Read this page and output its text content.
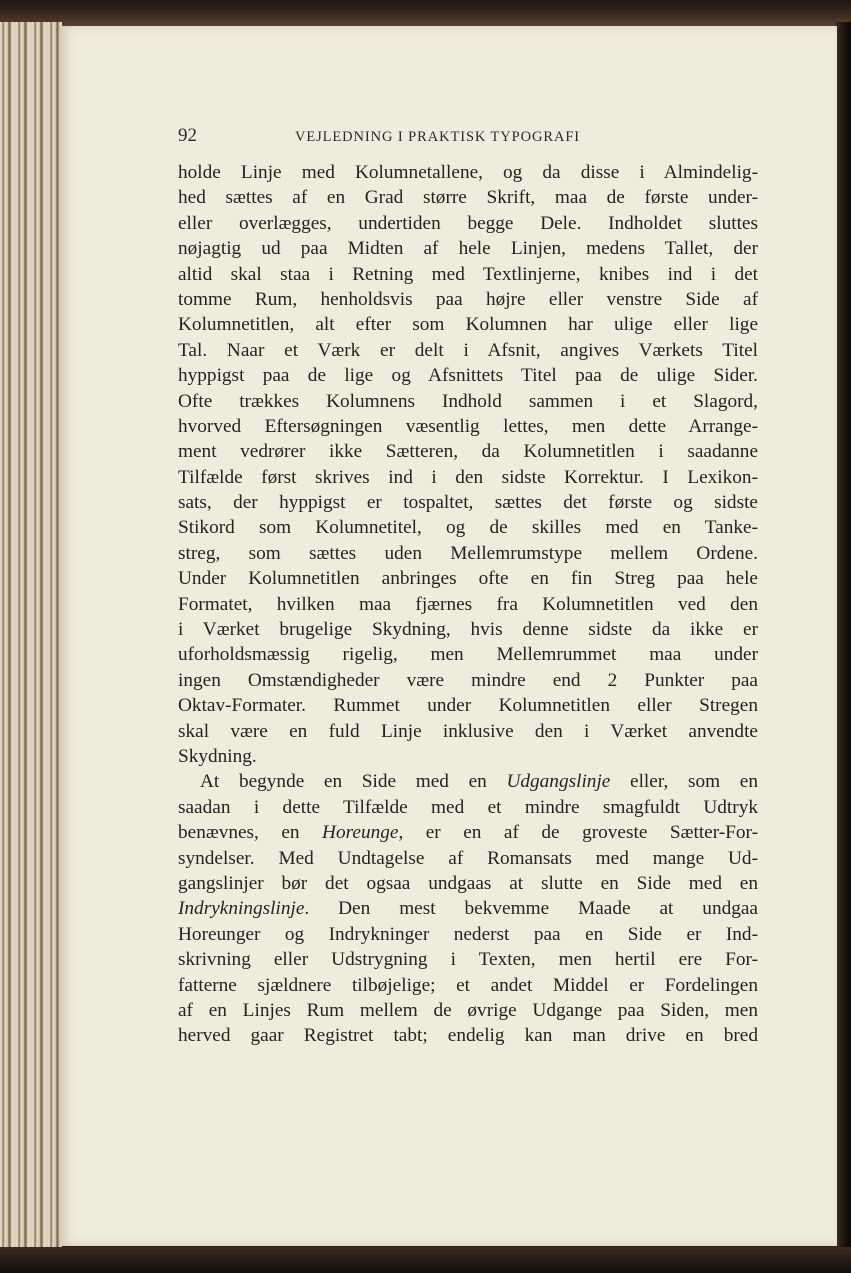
92	VEJLEDNING I PRAKTISK TYPOGRAFI
holde Linje med Kolumnetallene, og da disse i Almindelig-
hed sættes af en Grad større Skrift, maa de første under-
eller overlægges, undertiden begge Dele. Indholdet sluttes
nøjagtig ud paa Midten af hele Linjen, medens Tallet, der
altid skal staa i Retning med Textlinjerne, knibes ind i det
tomme Rum, henholdsvis paa højre eller venstre Side af
Kolumnetitlen, alt efter som Kolumnen har ulige eller lige
Tal. Naar et Værk er delt i Afsnit, angives Værkets Titel
hyppigst paa de lige og Afsnittets Titel paa de ulige Sider.
Ofte trækkes Kolumnens Indhold sammen i et Slagord,
hvorved Eftersøgningen væsentlig lettes, men dette Arrange-
ment vedrører ikke Sætteren, da Kolumnetitlen i saadanne
Tilfælde først skrives ind i den sidste Korrektur. I Lexikon-
sats, der hyppigst er tospaltet, sættes det første og sidste
Stikord som Kolumnetitel, og de skilles med en Tanke-
streg, som sættes uden Mellemrumstype mellem Ordene.
Under Kolumnetitlen anbringes ofte en fin Streg paa hele
Formatet, hvilken maa fjærnes fra Kolumnetitlen ved den
i Værket brugelige Skydning, hvis denne sidste da ikke er
uforholdsmæssig rigelig, men Mellemrummet maa under
ingen Omstændigheder være mindre end 2 Punkter paa
Oktav-Formater. Rummet under Kolumnetitlen eller Stregen
skal være en fuld Linje inklusive den i Værket anvendte
Skydning.
At begynde en Side med en Udgangslinje eller, som en
saadan i dette Tilfælde med et mindre smagfuldt Udtryk
benævnes, en Horeunge, er en af de groveste Sætter-For-
syndelser. Med Undtagelse af Romansats med mange Ud-
gangslinjer bør det ogsaa undgaas at slutte en Side med en
Indrykningslinje. Den mest bekvemme Maade at undgaa
Horeunger og Indrykninger nederst paa en Side er Ind-
skrivning eller Udstrygning i Texten, men hertil ere For-
fatterne sjældnere tilbøjelige; et andet Middel er Fordelingen
af en Linjes Rum mellem de øvrige Udgange paa Siden, men
herved gaar Registret tabt; endelig kan man drive en bred
